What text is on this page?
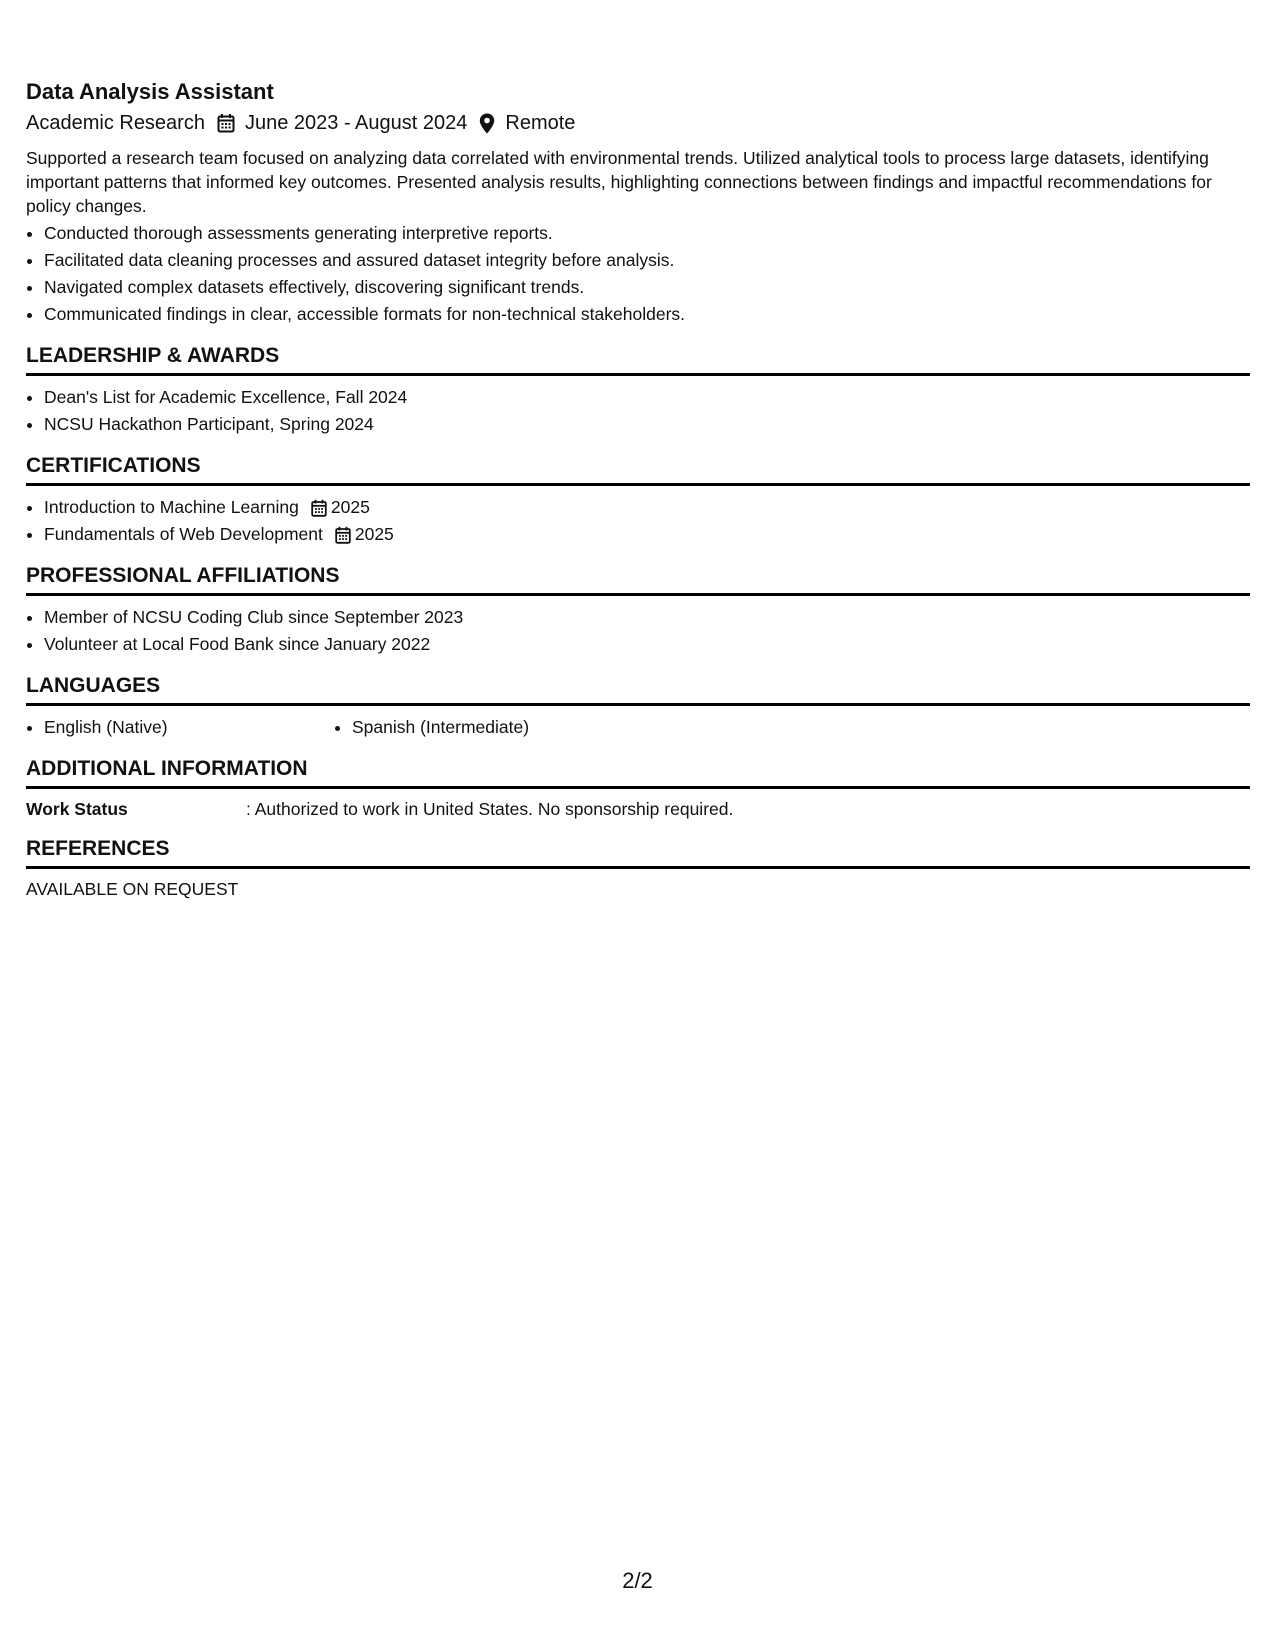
Data Analysis Assistant
Academic Research June 2023 - August 2024 Remote
Supported a research team focused on analyzing data correlated with environmental trends. Utilized analytical tools to process large datasets, identifying important patterns that informed key outcomes. Presented analysis results, highlighting connections between findings and impactful recommendations for policy changes.
• Conducted thorough assessments generating interpretive reports.
• Facilitated data cleaning processes and assured dataset integrity before analysis.
• Navigated complex datasets effectively, discovering significant trends.
• Communicated findings in clear, accessible formats for non-technical stakeholders.
LEADERSHIP & AWARDS
• Dean's List for Academic Excellence, Fall 2024
• NCSU Hackathon Participant, Spring 2024
CERTIFICATIONS
• Introduction to Machine Learning 2025
• Fundamentals of Web Development 2025
PROFESSIONAL AFFILIATIONS
• Member of NCSU Coding Club since September 2023
• Volunteer at Local Food Bank since January 2022
LANGUAGES
• English (Native)
•	Spanish (Intermediate)
ADDITIONAL INFORMATION
Work Status	: Authorized to work in United States. No sponsorship required.
REFERENCES
AVAILABLE ON REQUEST
2/2
